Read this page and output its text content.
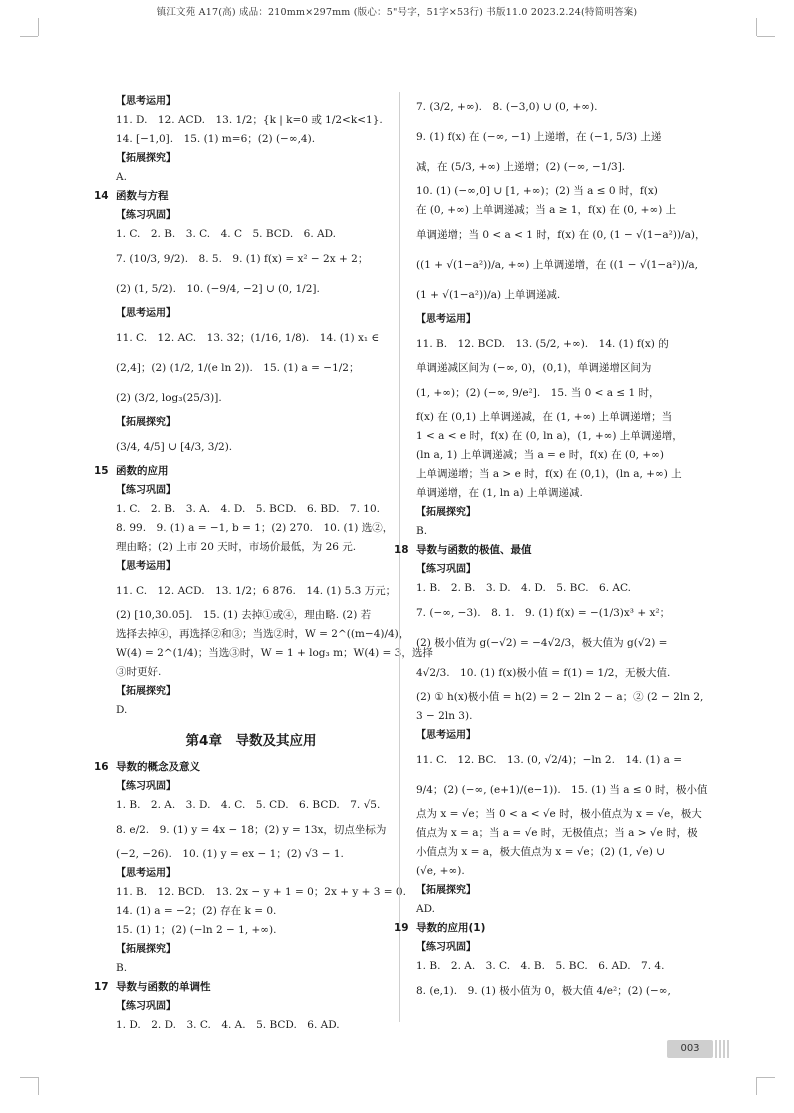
镇江文苑 A17(高) 成品：210mm×297mm (版心：5"号字，51字×53行) 书版11.0 2023.2.24(特简明答案)
【思考运用】
11. D.　12. ACD.　13. 1/2；{k | k=0 或 1/2<k<1}.
14. [−1,0].　15. (1) m=6；(2) (−∞,4).
【拓展探究】
A.
14 函数与方程
【练习巩固】
1. C.　2. B.　3. C.　4. C　5. BCD.　6. AD.
7. (10/3, 9/2).　8. 5.　9. (1) f(x) = x² − 2x + 2；
(2) (1, 5/2).　10. (−9/4, −2] ∪ (0, 1/2].
【思考运用】
11. C.　12. AC.　13. 32；(1/16, 1/8).　14. (1) x₁ ∈
(2,4]；(2) (1/2, 1/(e ln 2)).　15. (1) a = −1/2；
(2) (3/2, log₃(25/3)].
【拓展探究】
(3/4, 4/5] ∪ [4/3, 3/2).
15 函数的应用
【练习巩固】
1. C.　2. B.　3. A.　4. D.　5. BCD.　6. BD.　7. 10.
8. 99.　9. (1) a = −1, b = 1；(2) 270.　10. (1) 选②，
理由略；(2) 上市 20 天时，市场价最低，为 26 元.
【思考运用】
11. C.　12. ACD.　13. 1/2；6 876.　14. (1) 5.3 万元；
(2) [10,30.05].　15. (1) 去掉①或④，理由略. (2) 若
选择去掉④，再选择②和③；当选②时，W = 2^((m−4)/4)，
W(4) = 2^(1/4)；当选③时，W = 1 + log₃ m；W(4) = 3，选择
③时更好.
【拓展探究】
D.
第4章　导数及其应用
16 导数的概念及意义
【练习巩固】
1. B.　2. A.　3. D.　4. C.　5. CD.　6. BCD.　7. √5.
8. e/2.　9. (1) y = 4x − 18；(2) y = 13x，切点坐标为
(−2, −26).　10. (1) y = ex − 1；(2) √3 − 1.
【思考运用】
11. B.　12. BCD.　13. 2x − y + 1 = 0；2x + y + 3 = 0.
14. (1) a = −2；(2) 存在 k = 0.
15. (1) 1；(2) (−ln 2 − 1, +∞).
【拓展探究】
B.
17 导数与函数的单调性
【练习巩固】
1. D.　2. D.　3. C.　4. A.　5. BCD.　6. AD.
7. (3/2, +∞).　8. (−3,0) ∪ (0, +∞).
9. (1) f(x) 在 (−∞, −1) 上递增，在 (−1, 5/3) 上递
减，在 (5/3, +∞) 上递增；(2) (−∞, −1/3].
10. (1) (−∞,0] ∪ [1, +∞)；(2) 当 a ≤ 0 时，f(x)
在 (0, +∞) 上单调递减；当 a ≥ 1，f(x) 在 (0, +∞) 上
单调递增；当 0 < a < 1 时，f(x) 在 (0, (1 − √(1−a²))/a)，
((1 + √(1−a²))/a, +∞) 上单调递增，在 ((1 − √(1−a²))/a,
(1 + √(1−a²))/a) 上单调递减.
【思考运用】
11. B.　12. BCD.　13. (5/2, +∞).　14. (1) f(x) 的
单调递减区间为 (−∞, 0)，(0,1)，单调递增区间为
(1, +∞)；(2) (−∞, 9/e²].　15. 当 0 < a ≤ 1 时，
f(x) 在 (0,1) 上单调递减，在 (1, +∞) 上单调递增；当
1 < a < e 时，f(x) 在 (0, ln a)，(1, +∞) 上单调递增，
(ln a, 1) 上单调递减；当 a = e 时，f(x) 在 (0, +∞)
上单调递增；当 a > e 时，f(x) 在 (0,1)，(ln a, +∞) 上
单调递增，在 (1, ln a) 上单调递减.
【拓展探究】
B.
18 导数与函数的极值、最值
【练习巩固】
1. B.　2. B.　3. D.　4. D.　5. BC.　6. AC.
7. (−∞, −3).　8. 1.　9. (1) f(x) = −(1/3)x³ + x²；
(2) 极小值为 g(−√2) = −4√2/3，极大值为 g(√2) =
4√2/3.　10. (1) f(x)极小值 = f(1) = 1/2，无极大值.
(2) ① h(x)极小值 = h(2) = 2 − 2ln 2 − a；② (2 − 2ln 2,
3 − 2ln 3).
【思考运用】
11. C.　12. BC.　13. (0, √2/4)；−ln 2.　14. (1) a =
9/4；(2) (−∞, (e+1)/(e−1)).　15. (1) 当 a ≤ 0 时，极小值
点为 x = √e；当 0 < a < √e 时，极小值点为 x = √e，极大
值点为 x = a；当 a = √e 时，无极值点；当 a > √e 时，极
小值点为 x = a，极大值点为 x = √e；(2) (1, √e) ∪
(√e, +∞).
【拓展探究】
AD.
19 导数的应用(1)
【练习巩固】
1. B.　2. A.　3. C.　4. B.　5. BC.　6. AD.　7. 4.
8. (e,1).　9. (1) 极小值为 0，极大值 4/e²；(2) (−∞,
003
